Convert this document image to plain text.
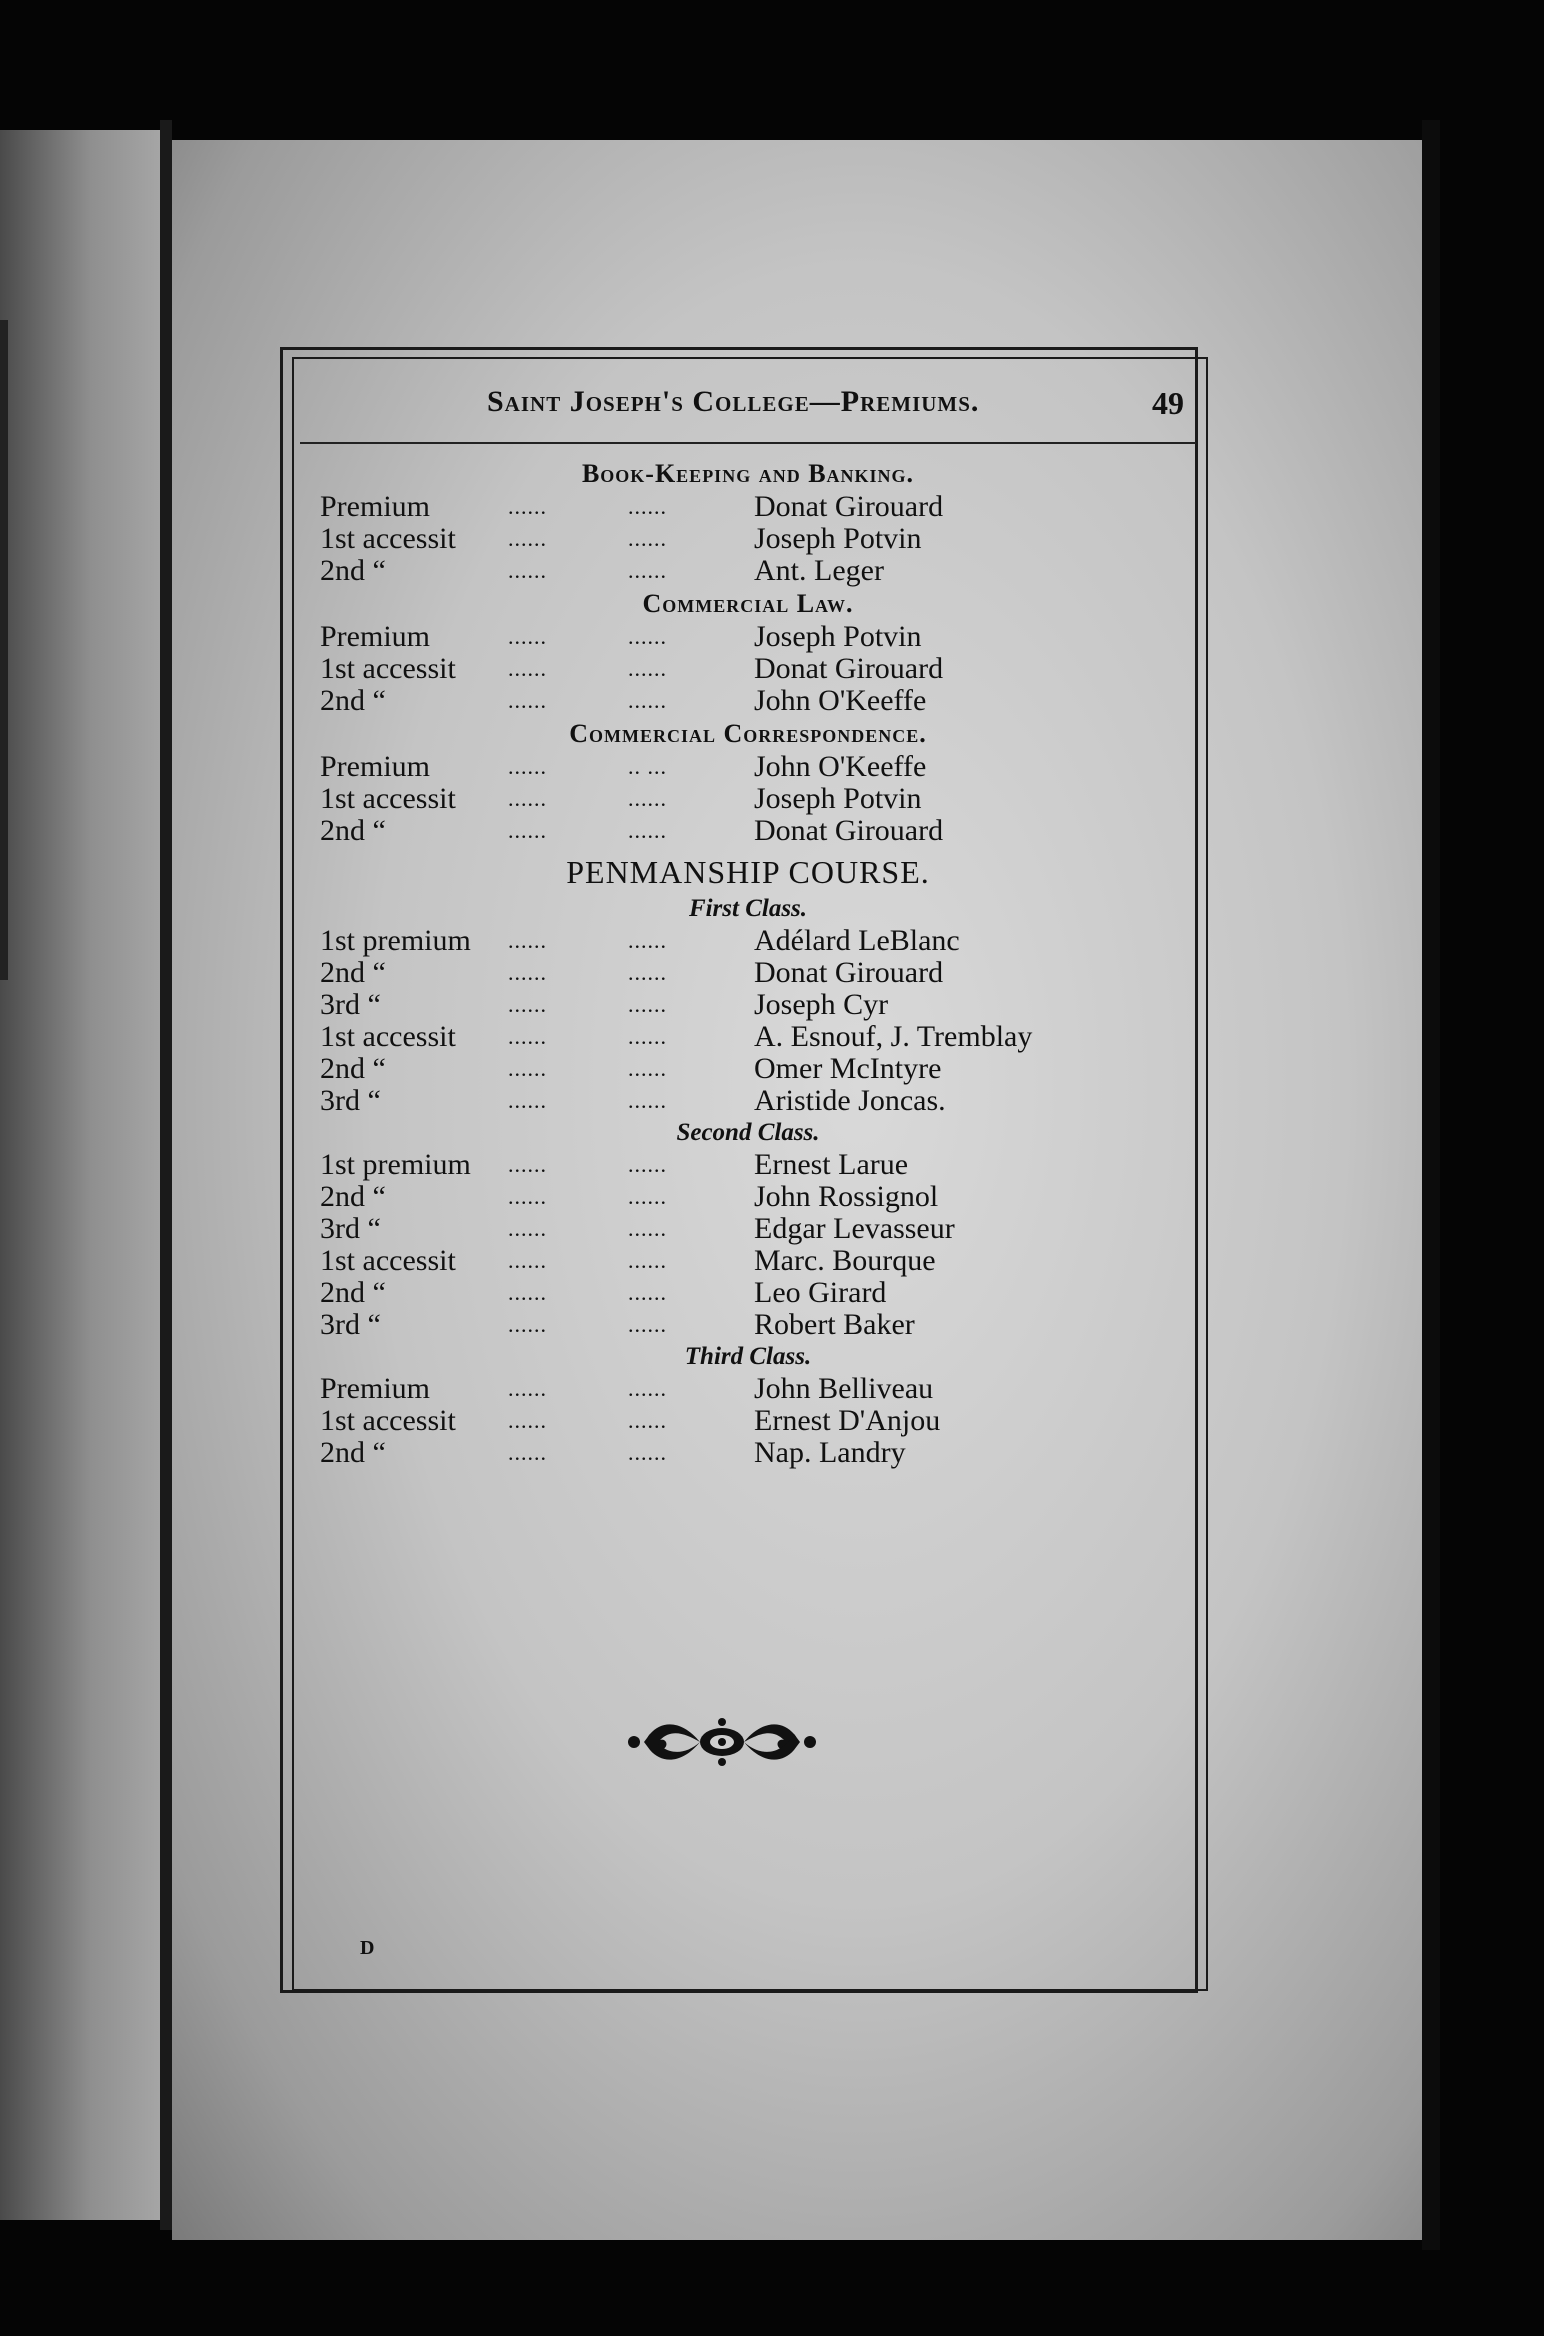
Saint Joseph's College—Premiums.	49
Book-Keeping and Banking.
Premium	......	......	Donat Girouard
1st accessit	......	......	Joseph Potvin
2nd “	......	......	Ant. Leger
Commercial Law.
Premium	......	......	Joseph Potvin
1st accessit	......	......	Donat Girouard
2nd “	......	......	John O'Keeffe
Commercial Correspondence.
Premium	......	.. ...	John O'Keeffe
1st accessit	......	......	Joseph Potvin
2nd “	......	......	Donat Girouard
PENMANSHIP COURSE.
First Class.
1st premium	......	......	Adélard LeBlanc
2nd “	......	......	Donat Girouard
3rd “	......	......	Joseph Cyr
1st accessit	......	......	A. Esnouf, J. Tremblay
2nd “	......	......	Omer McIntyre
3rd “	......	......	Aristide Joncas.
Second Class.
1st premium	......	......	Ernest Larue
2nd “	......	......	John Rossignol
3rd “	......	......	Edgar Levasseur
1st accessit	......	......	Marc. Bourque
2nd “	......	......	Leo Girard
3rd “	......	......	Robert Baker
Third Class.
Premium	......	......	John Belliveau
1st accessit	......	......	Ernest D'Anjou
2nd “	......	......	Nap. Landry
D
